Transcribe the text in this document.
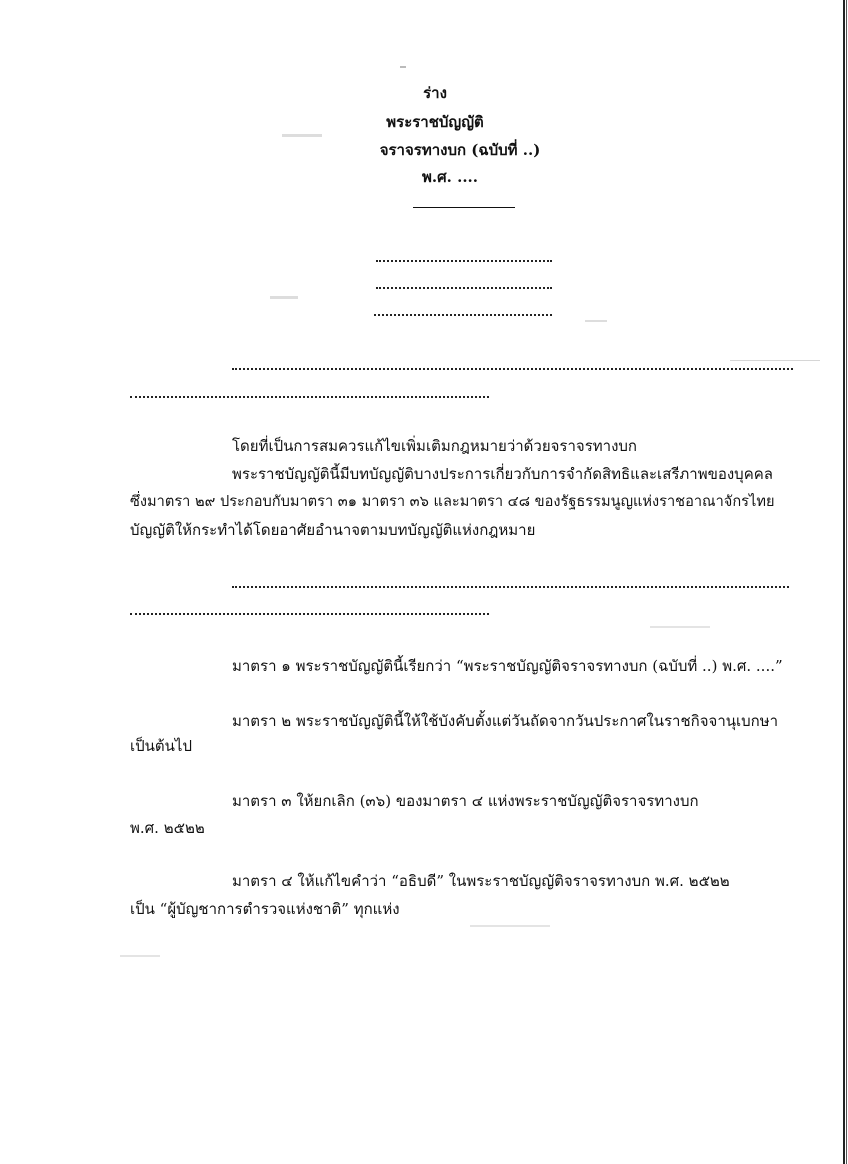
ร่าง
พระราชบัญญัติ
จราจรทางบก (ฉบับที่ ..)
พ.ศ. ....
โดยที่เป็นการสมควรแก้ไขเพิ่มเติมกฎหมายว่าด้วยจราจรทางบก
พระราชบัญญัตินี้มีบทบัญญัติบางประการเกี่ยวกับการจำกัดสิทธิและเสรีภาพของบุคคล
ซึ่งมาตรา ๒๙ ประกอบกับมาตรา ๓๑ มาตรา ๓๖ และมาตรา ๔๘ ของรัฐธรรมนูญแห่งราชอาณาจักรไทย
บัญญัติให้กระทำได้โดยอาศัยอำนาจตามบทบัญญัติแห่งกฎหมาย
มาตรา ๑ พระราชบัญญัตินี้เรียกว่า “พระราชบัญญัติจราจรทางบก (ฉบับที่ ..) พ.ศ. ....”
มาตรา ๒ พระราชบัญญัตินี้ให้ใช้บังคับตั้งแต่วันถัดจากวันประกาศในราชกิจจานุเบกษา
เป็นต้นไป
มาตรา ๓ ให้ยกเลิก (๓๖) ของมาตรา ๔ แห่งพระราชบัญญัติจราจรทางบก
พ.ศ. ๒๕๒๒
มาตรา ๔ ให้แก้ไขคำว่า “อธิบดี” ในพระราชบัญญัติจราจรทางบก พ.ศ. ๒๕๒๒
เป็น “ผู้บัญชาการตำรวจแห่งชาติ” ทุกแห่ง
